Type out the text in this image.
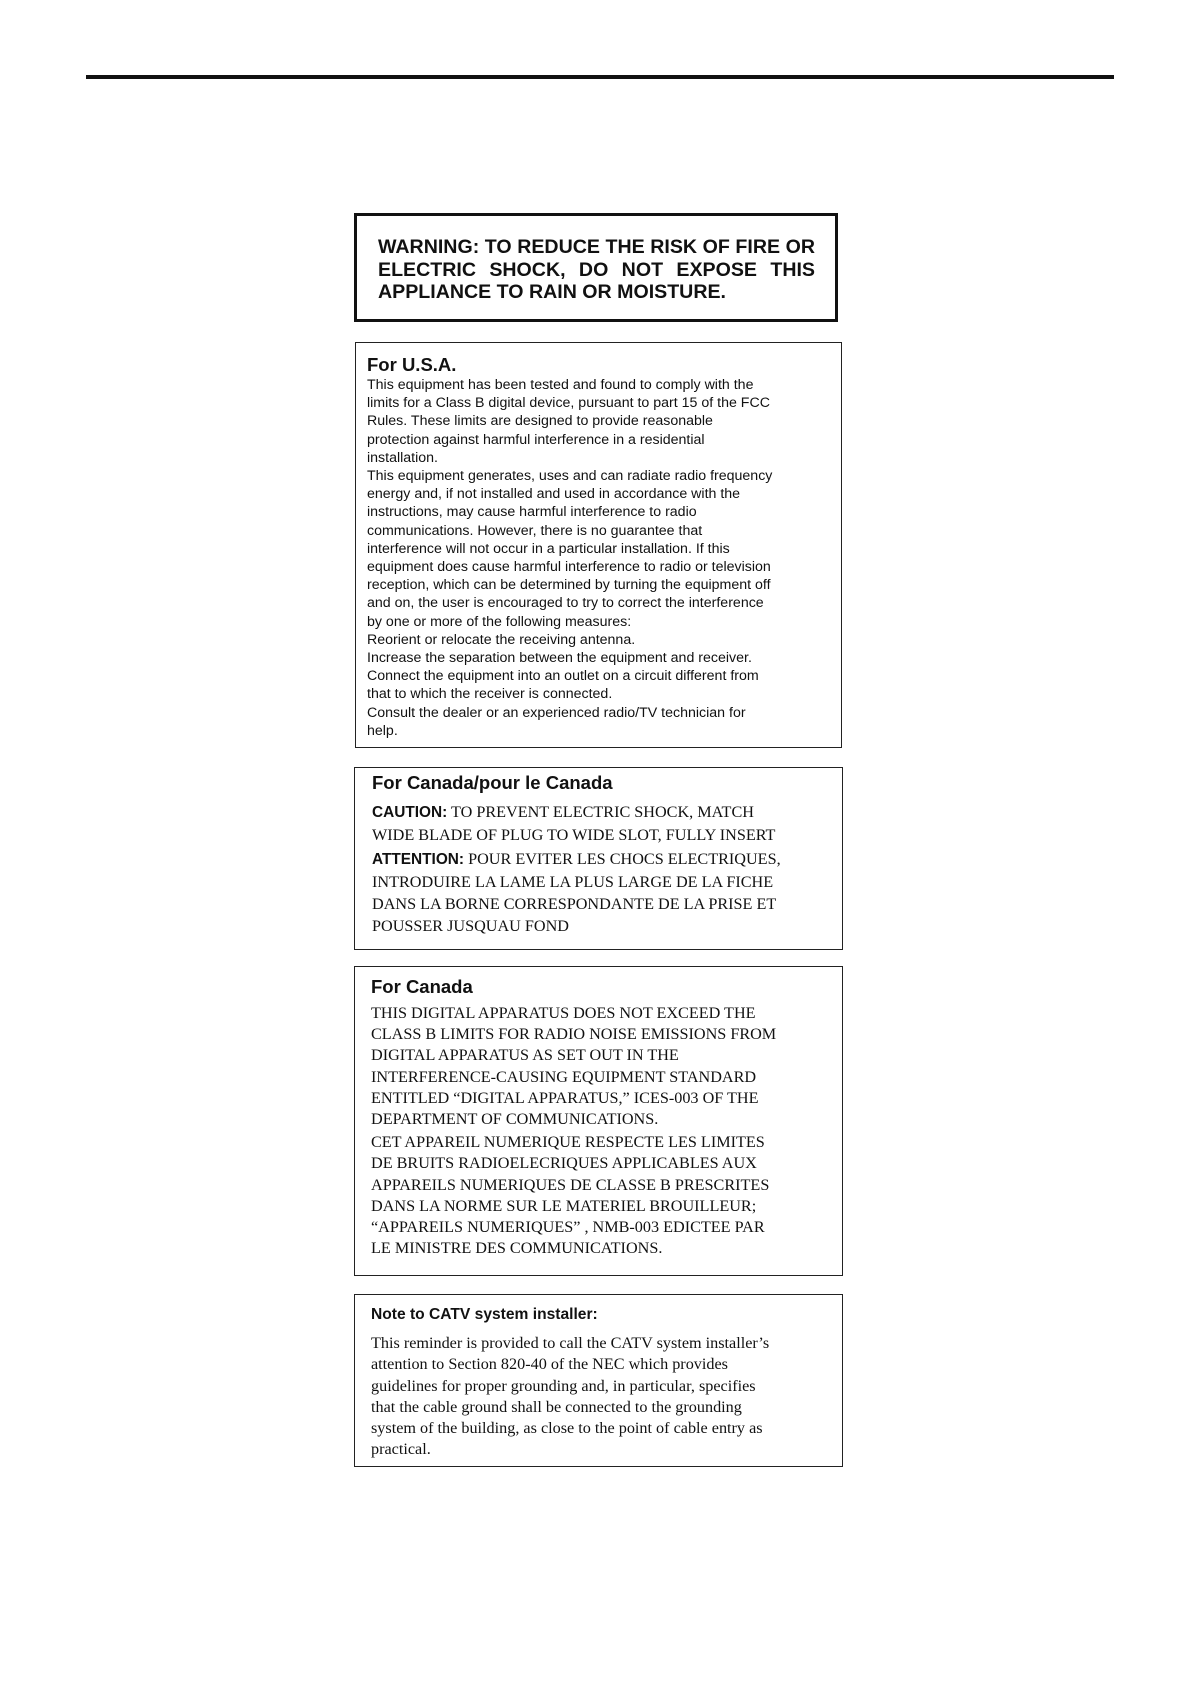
WARNING: TO REDUCE THE RISK OF FIRE OR ELECTRIC SHOCK, DO NOT EXPOSE THIS APPLIANCE TO RAIN OR MOISTURE.

For U.S.A.

This equipment has been tested and found to comply with the
limits for a Class B digital device, pursuant to part 15 of the FCC
Rules. These limits are designed to provide reasonable
protection against harmful interference in a residential
installation.
This equipment generates, uses and can radiate radio frequency
energy and, if not installed and used in accordance with the
instructions, may cause harmful interference to radio
communications. However, there is no guarantee that
interference will not occur in a particular installation. If this
equipment does cause harmful interference to radio or television
reception, which can be determined by turning the equipment off
and on, the user is encouraged to try to correct the interference
by one or more of the following measures:
Reorient or relocate the receiving antenna.
Increase the separation between the equipment and receiver.
Connect the equipment into an outlet on a circuit different from
that to which the receiver is connected.
Consult the dealer or an experienced radio/TV technician for
help.

For Canada/pour le Canada

CAUTION: TO PREVENT ELECTRIC SHOCK, MATCH
WIDE BLADE OF PLUG TO WIDE SLOT, FULLY INSERT
ATTENTION: POUR EVITER LES CHOCS ELECTRIQUES,
INTRODUIRE LA LAME LA PLUS LARGE DE LA FICHE
DANS LA BORNE CORRESPONDANTE DE LA PRISE ET
POUSSER JUSQUAU FOND

For Canada

THIS DIGITAL APPARATUS DOES NOT EXCEED THE
CLASS B LIMITS FOR RADIO NOISE EMISSIONS FROM
DIGITAL APPARATUS AS SET OUT IN THE
INTERFERENCE-CAUSING EQUIPMENT STANDARD
ENTITLED “DIGITAL APPARATUS,” ICES-003 OF THE
DEPARTMENT OF COMMUNICATIONS.
CET APPAREIL NUMERIQUE RESPECTE LES LIMITES
DE BRUITS RADIOELECRIQUES APPLICABLES AUX
APPAREILS NUMERIQUES DE CLASSE B PRESCRITES
DANS LA NORME SUR LE MATERIEL BROUILLEUR;
“APPAREILS NUMERIQUES” , NMB-003 EDICTEE PAR
LE MINISTRE DES COMMUNICATIONS.

Note to CATV system installer:

This reminder is provided to call the CATV system installer’s
attention to Section 820-40 of the NEC which provides
guidelines for proper grounding and, in particular, specifies
that the cable ground shall be connected to the grounding
system of the building, as close to the point of cable entry as
practical.
